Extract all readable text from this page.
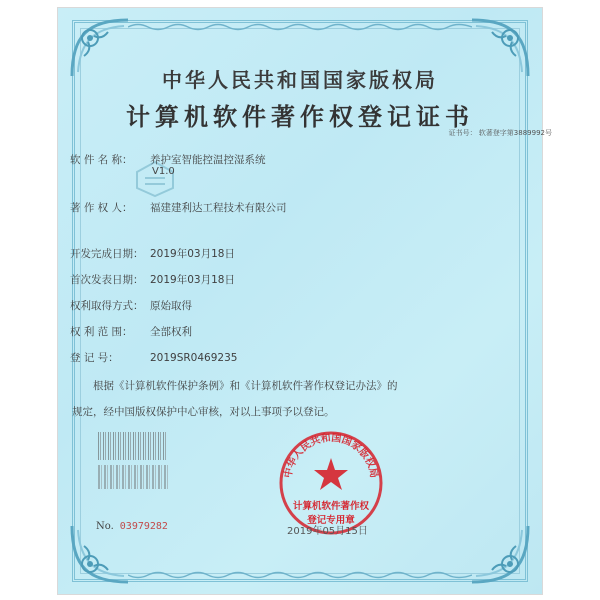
中华人民共和国国家版权局
计算机软件著作权登记证书
证书号： 软著登字第3889992号
软 件 名 称： 养护室智能控温控湿系统
V1.0
著 作 权 人： 福建建利达工程技术有限公司
开发完成日期： 2019年03月18日
首次发表日期： 2019年03月18日
权利取得方式： 原始取得
权 利 范 围： 全部权利
登 记 号：	2019SR0469235
根据《计算机软件保护条例》和《计算机软件著作权登记办法》的
规定，经中国版权保护中心审核，对以上事项予以登记。
No. 03979282
中华人民共和国国家版权局
计算机软件著作权
登记专用章
2019年05月15日
